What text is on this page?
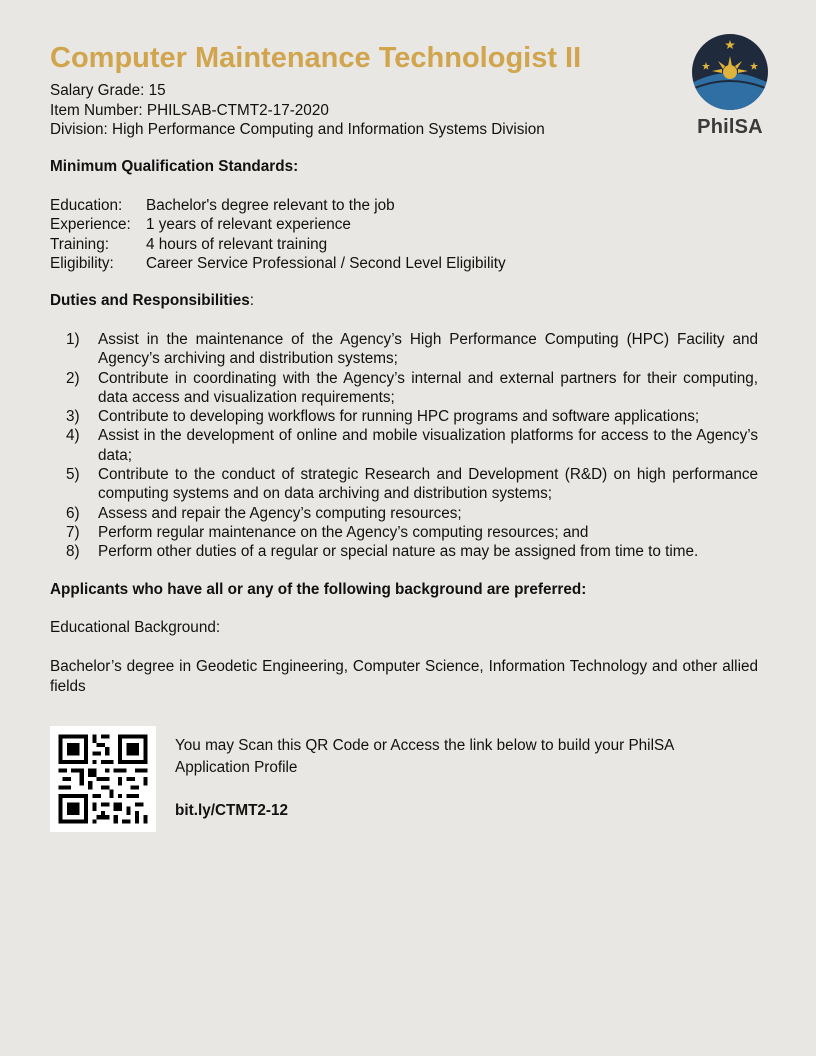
Computer Maintenance Technologist II
Salary Grade: 15
Item Number: PHILSAB-CTMT2-17-2020
Division: High Performance Computing and Information Systems Division	PhilSA
Minimum Qualification Standards:
Education:	Bachelor's degree relevant to the job
Experience: 1 years of relevant experience
Training:	4 hours of relevant training
Eligibility:	Career Service Professional / Second Level Eligibility
Duties and Responsibilities:
1)	Assist in the maintenance of the Agency’s High Performance Computing (HPC) Facility and Agency’s archiving and distribution systems;
2)	Contribute in coordinating with the Agency’s internal and external partners for their computing, data access and visualization requirements;
3)	Contribute to developing workflows for running HPC programs and software applications;
4)	Assist in the development of online and mobile visualization platforms for access to the Agency’s data;
5)	Contribute to the conduct of strategic Research and Development (R&D) on high performance computing systems and on data archiving and distribution systems;
6)	Assess and repair the Agency’s computing resources;
7)	Perform regular maintenance on the Agency’s computing resources; and
8)	Perform other duties of a regular or special nature as may be assigned from time to time.
Applicants who have all or any of the following background are preferred:
Educational Background:
Bachelor’s degree in Geodetic Engineering, Computer Science, Information Technology and other allied fields
You may Scan this QR Code or Access the link below to build your PhilSA Application Profile
bit.ly/CTMT2-12
